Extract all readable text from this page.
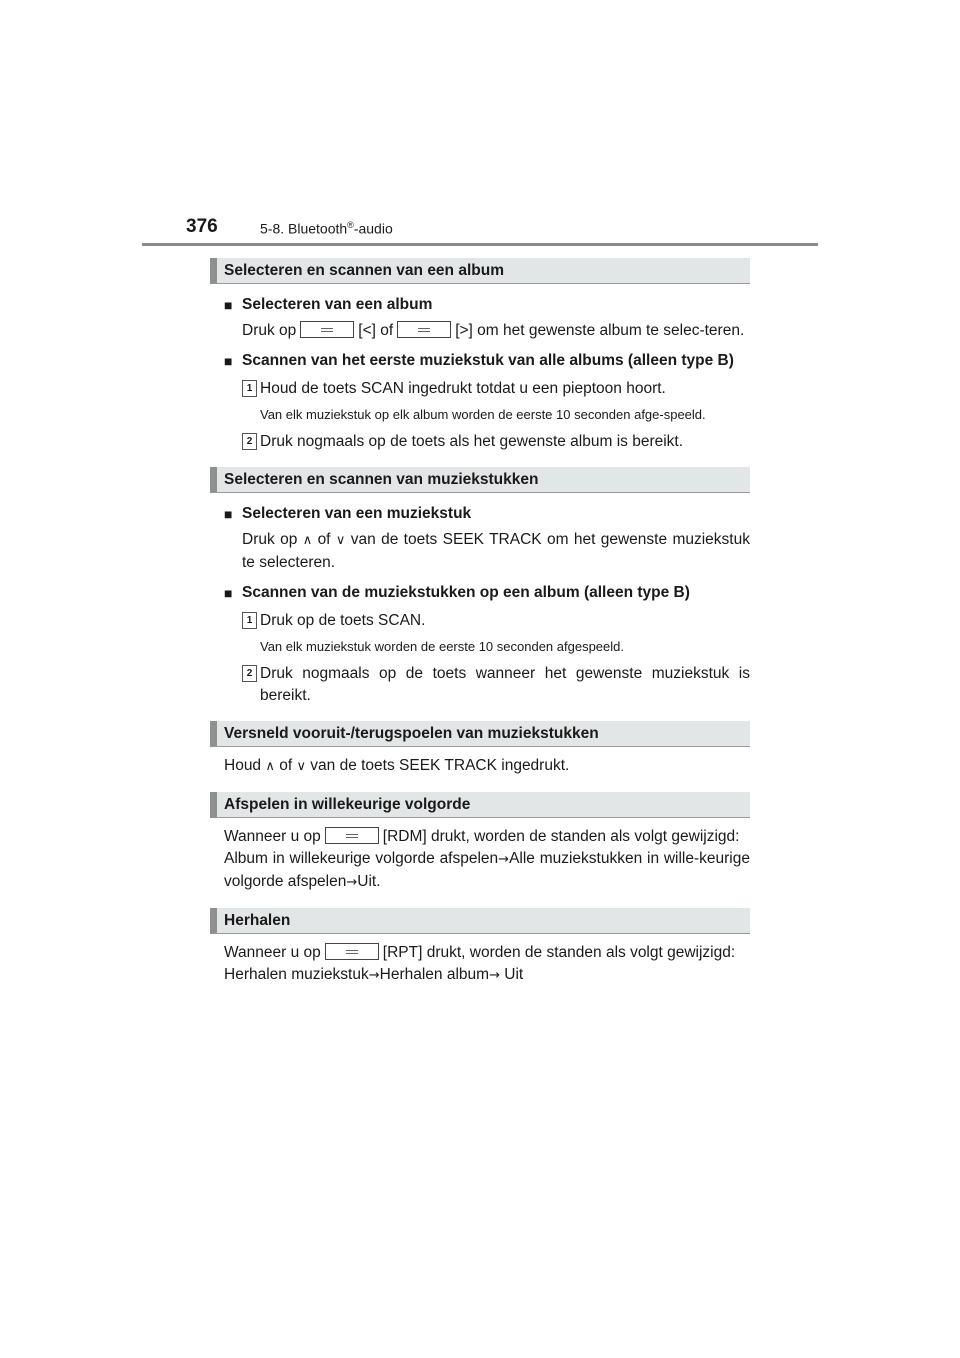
376	5-8. Bluetooth®-audio
Selecteren en scannen van een album
■ Selecteren van een album
Druk op	[<] of	[>] om het gewenste album te selec-teren.
■ Scannen van het eerste muziekstuk van alle albums (alleen type B)
1 Houd de toets SCAN ingedrukt totdat u een pieptoon hoort.
Van elk muziekstuk op elk album worden de eerste 10 seconden afge-speeld.
2 Druk nogmaals op de toets als het gewenste album is bereikt.
Selecteren en scannen van muziekstukken
■ Selecteren van een muziekstuk
Druk op ∧ of ∨ van de toets SEEK TRACK om het gewenste muziekstuk te selecteren.
■ Scannen van de muziekstukken op een album (alleen type B)
1 Druk op de toets SCAN.
Van elk muziekstuk worden de eerste 10 seconden afgespeeld.
2 Druk nogmaals op de toets wanneer het gewenste muziekstuk is bereikt.
Versneld vooruit-/terugspoelen van muziekstukken
Houd ∧ of ∨ van de toets SEEK TRACK ingedrukt.
Afspelen in willekeurige volgorde
Wanneer u op	[RDM] drukt, worden de standen als volgt gewijzigd:
Album in willekeurige volgorde afspelen→Alle muziekstukken in wille-keurige volgorde afspelen→Uit.
Herhalen
Wanneer u op	[RPT] drukt, worden de standen als volgt gewijzigd:
Herhalen muziekstuk→Herhalen album→ Uit
